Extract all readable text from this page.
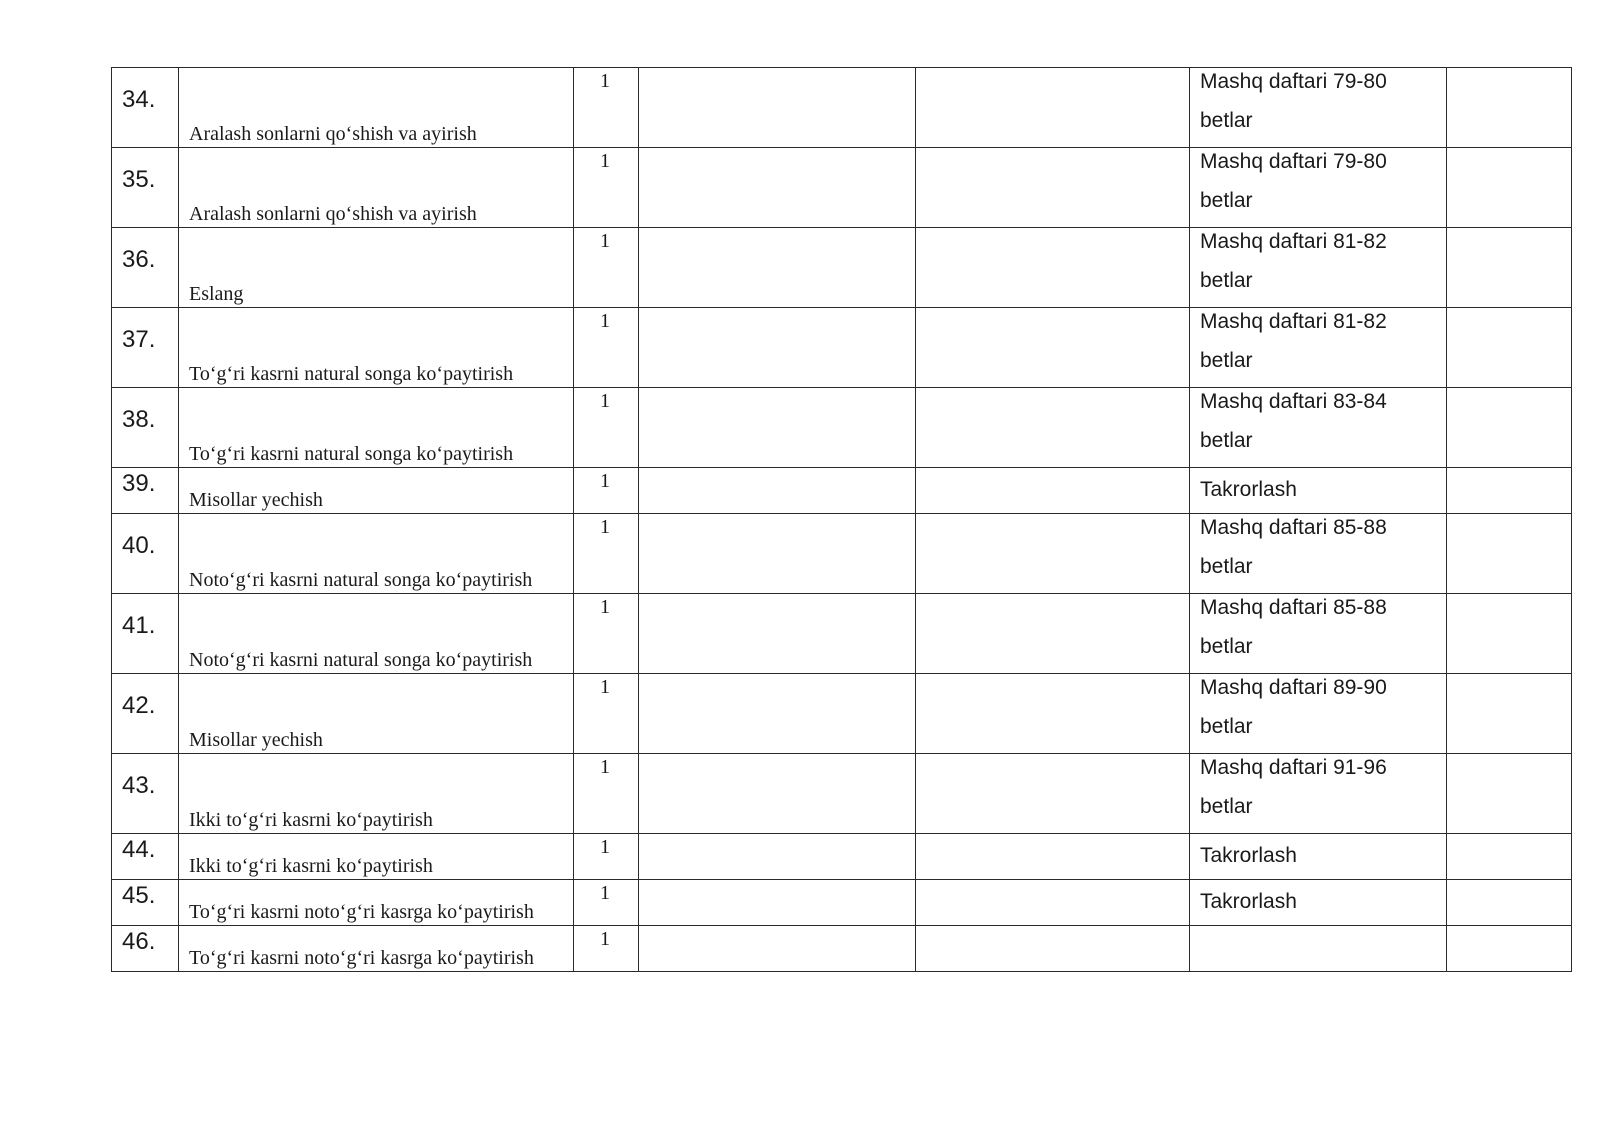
34.	Aralash sonlarni qo‘shish va ayirish	1			Mashq daftari 79-80
betlar	

35.	Aralash sonlarni qo‘shish va ayirish	1			Mashq daftari 79-80
betlar	

36.	Eslang	1			Mashq daftari 81-82
betlar	

37.	To‘g‘ri kasrni natural songa ko‘paytirish	1			Mashq daftari 81-82
betlar	

38.	To‘g‘ri kasrni natural songa ko‘paytirish	1			Mashq daftari 83-84
betlar	

39.	Misollar yechish	1			Takrorlash	

40.	Noto‘g‘ri kasrni natural songa ko‘paytirish	1			Mashq daftari 85-88
betlar	

41.	Noto‘g‘ri kasrni natural songa ko‘paytirish	1			Mashq daftari 85-88
betlar	

42.	Misollar yechish	1			Mashq daftari 89-90
betlar	

43.	Ikki to‘g‘ri kasrni ko‘paytirish	1			Mashq daftari 91-96
betlar	

44.	Ikki to‘g‘ri kasrni ko‘paytirish	1			Takrorlash	

45.	To‘g‘ri kasrni noto‘g‘ri kasrga ko‘paytirish	1			Takrorlash	

46.	To‘g‘ri kasrni noto‘g‘ri kasrga ko‘paytirish	1				
